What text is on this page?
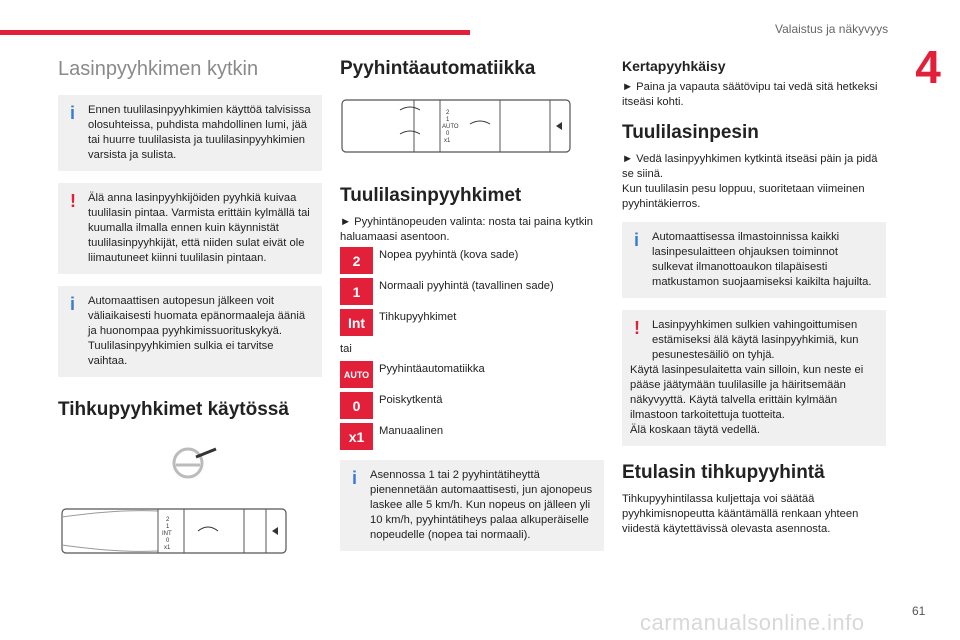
Valaistus ja näkyvyys
4
Lasinpyyhkimen kytkin
i	Ennen tuulilasinpyyhkimien käyttöä talvisissa olosuhteissa, puhdista mahdollinen lumi, jää tai huurre tuulilasista ja tuulilasinpyyhkimien varsista ja sulista.
!	Älä anna lasinpyyhkijöiden pyyhkiä kuivaa tuulilasin pintaa. Varmista erittäin kylmällä tai kuumalla ilmalla ennen kuin käynnistät tuulilasinpyyhkijät, että niiden sulat eivät ole liimautuneet kiinni tuulilasin pintaan.
i	Automaattisen autopesun jälkeen voit väliaikaisesti huomata epänormaaleja ääniä ja huonompaa pyyhkimissuorituskykyä. Tuulilasinpyyhkimien sulkia ei tarvitse vaihtaa.
Tihkupyyhkimet käytössä
2
1
INT
0
x1
Pyyhintäautomatiikka
2
1
AUTO
0
x1
Tuulilasinpyyhkimet
► Pyyhintänopeuden valinta: nosta tai paina kytkin haluamaasi asentoon.
2	Nopea pyyhintä (kova sade)
1	Normaali pyyhintä (tavallinen sade)
Int	Tihkupyyhkimet
tai
AUTO Pyyhintäautomatiikka
0	Poiskytkentä
x1	Manuaalinen
i	Asennossa 1 tai 2 pyyhintätiheyttä pienennetään automaattisesti, jun ajonopeus laskee alle 5 km/h. Kun nopeus on jälleen yli 10 km/h, pyyhintätiheys palaa alkuperäiselle nopeudelle (nopea tai normaali).
Kertapyyhkäisy
► Paina ja vapauta säätövipu tai vedä sitä hetkeksi itseäsi kohti.
Tuulilasinpesin
► Vedä lasinpyyhkimen kytkintä itseäsi päin ja pidä se siinä.
Kun tuulilasin pesu loppuu, suoritetaan viimeinen pyyhintäkierros.
i	Automaattisessa ilmastoinnissa kaikki lasinpesulaitteen ohjauksen toiminnot sulkevat ilmanottoaukon tilapäisesti matkustamon suojaamiseksi kaikilta hajuilta.
!	Lasinpyyhkimen sulkien vahingoittumisen estämiseksi älä käytä lasinpyyhkimiä, kun pesunestesäiliö on tyhjä.
Käytä lasinpesulaitetta vain silloin, kun neste ei pääse jäätymään tuulilasille ja häiritsemään näkyvyyttä. Käytä talvella erittäin kylmään ilmastoon tarkoitettuja tuotteita.
Älä koskaan täytä vedellä.
Etulasin tihkupyyhintä
Tihkupyyhintilassa kuljettaja voi säätää pyyhkimisnopeutta kääntämällä renkaan yhteen viidestä käytettävissä olevasta asennosta.
carmanualsonline.info	61
